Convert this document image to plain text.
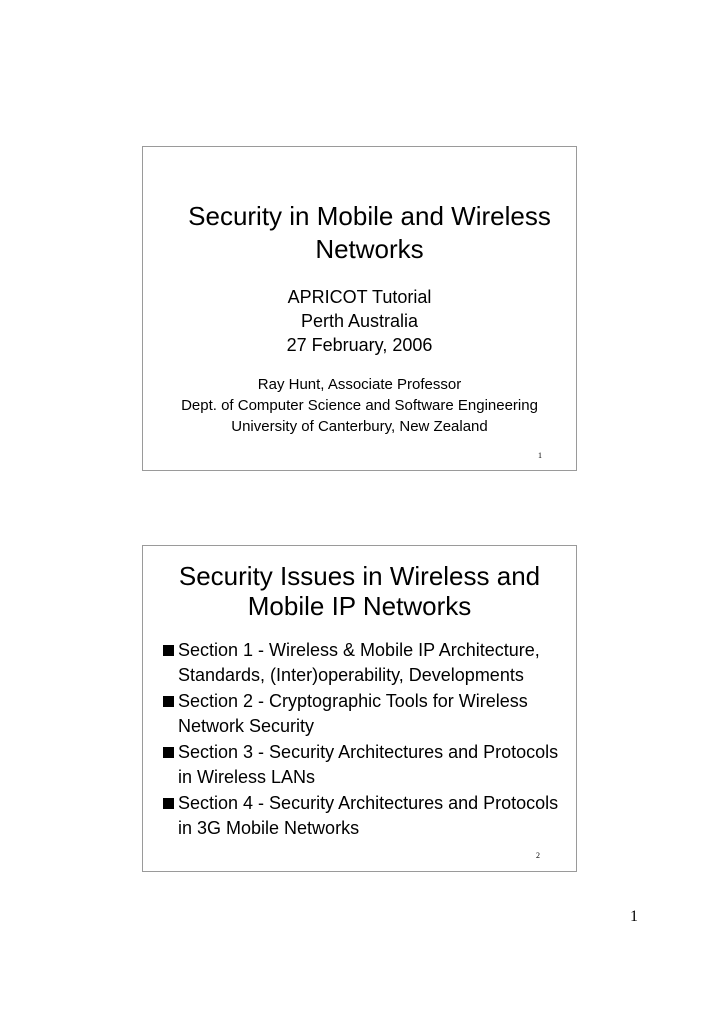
Security in Mobile and Wireless
Networks
APRICOT Tutorial
Perth Australia
27 February, 2006
Ray Hunt, Associate Professor
Dept. of Computer Science and Software Engineering
University of Canterbury, New Zealand
1
Security Issues in Wireless and
Mobile IP Networks
Section 1 - Wireless & Mobile IP Architecture, Standards, (Inter)operability, Developments
Section 2 - Cryptographic Tools for Wireless Network Security
Section 3 - Security Architectures and Protocols in Wireless LANs
Section 4 - Security Architectures and Protocols in 3G Mobile Networks
2
1
